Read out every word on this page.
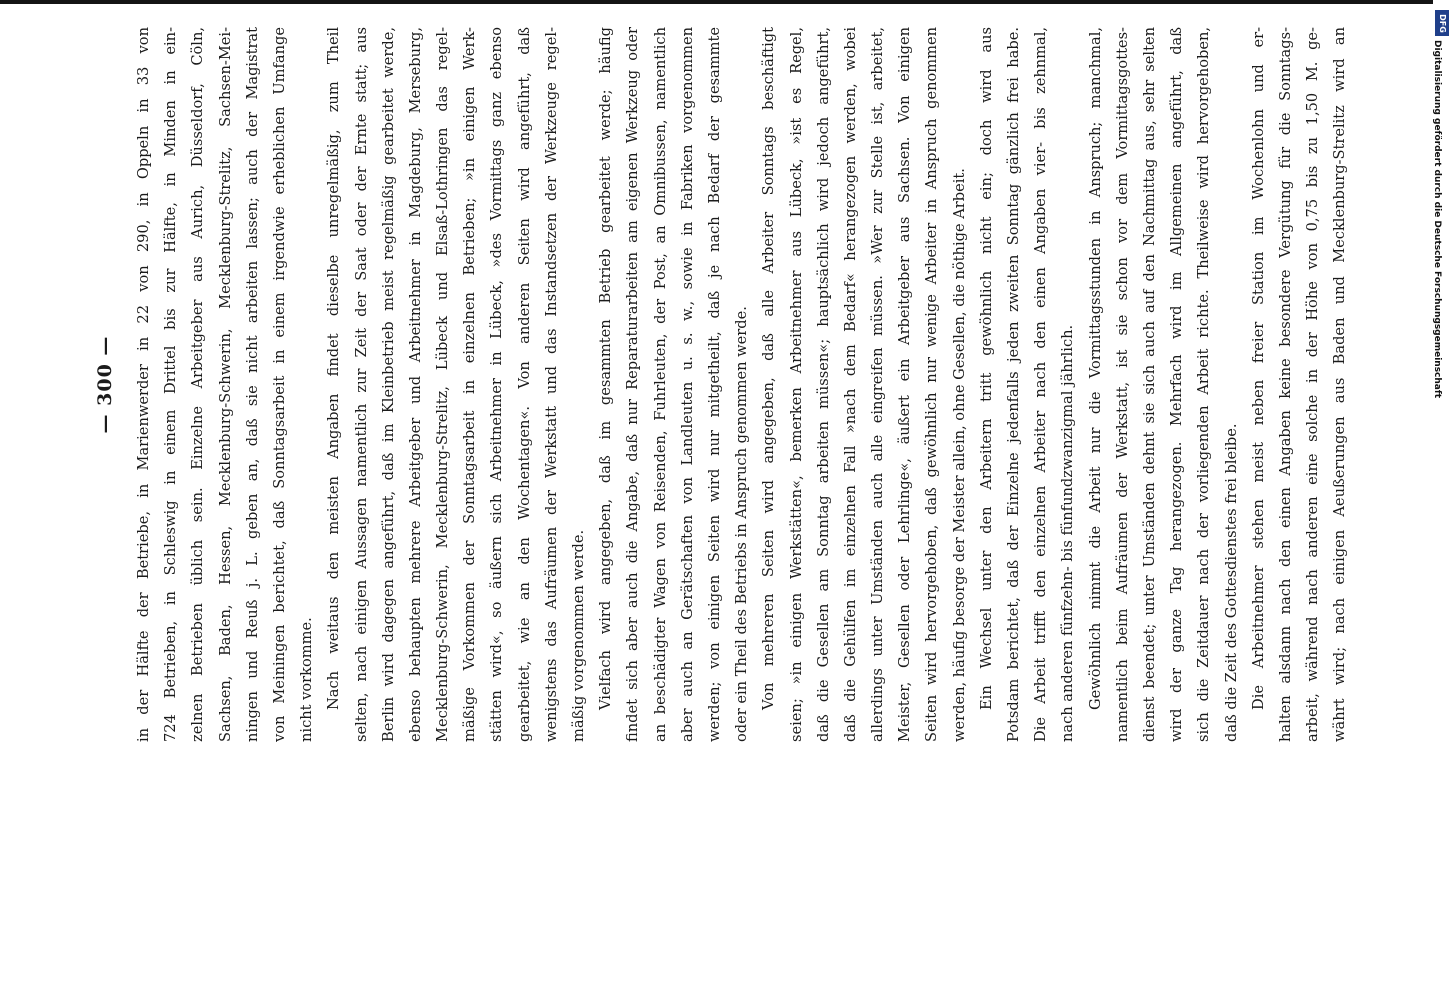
— 300 —	in der Hälfte der Betriebe, in Marienwerder in 22 von 290, in Oppeln in 33 von 724 Betrieben, in Schleswig in einem Drittel bis zur Hälfte, in Minden in ein- zelnen Betrieben üblich sein. Einzelne Arbeitgeber aus Aurich, Düsseldorf, Cöln, Sachsen, Baden, Hessen, Mecklenburg-Schwerin, Mecklenburg-Strelitz, Sachsen-Mei- ningen und Reuß j. L. geben an, daß sie nicht arbeiten lassen; auch der Magistrat von Meiningen berichtet, daß Sonntagsarbeit in einem irgendwie erheblichen Umfange nicht vorkomme. Nach weitaus den meisten Angaben findet dieselbe unregelmäßig, zum Theil selten, nach einigen Aussagen namentlich zur Zeit der Saat oder der Ernte statt; aus Berlin wird dagegen angeführt, daß im Kleinbetrieb meist regelmäßig gearbeitet werde, ebenso behaupten mehrere Arbeitgeber und Arbeitnehmer in Magdeburg, Merseburg, Mecklenburg-Schwerin, Mecklenburg-Strelitz, Lübeck und Elsaß-Lothringen das regel- mäßige Vorkommen der Sonntagsarbeit in einzelnen Betrieben; »in einigen Werk- stätten wird«, so äußern sich Arbeitnehmer in Lübeck, »des Vormittags ganz ebenso gearbeitet, wie an den Wochentagen«. Von anderen Seiten wird angeführt, daß wenigstens das Aufräumen der Werkstatt und das Instandsetzen der Werkzeuge regel- mäßig vorgenommen werde. Vielfach wird angegeben, daß im gesammten Betrieb gearbeitet werde; häufig findet sich aber auch die Angabe, daß nur Reparaturarbeiten am eigenen Werkzeug oder an beschädigter Wagen von Reisenden, Fuhrleuten, der Post, an Omnibussen, namentlich aber auch an Gerätschaften von Landleuten u. s. w., sowie in Fabriken vorgenommen werden; von einigen Seiten wird nur mitgetheilt, daß je nach Bedarf der gesammte oder ein Theil des Betriebs in Anspruch genommen werde. Von mehreren Seiten wird angegeben, daß alle Arbeiter Sonntags beschäftigt seien; »in einigen Werkstätten«, bemerken Arbeitnehmer aus Lübeck, »ist es Regel, daß die Gesellen am Sonntag arbeiten müssen«; hauptsächlich wird jedoch angeführt, daß die Gehülfen im einzelnen Fall »nach dem Bedarf« herangezogen werden, wobei allerdings unter Umständen auch alle eingreifen müssen. »Wer zur Stelle ist, arbeitet, Meister, Gesellen oder Lehrlinge«, äußert ein Arbeitgeber aus Sachsen. Von einigen Seiten wird hervorgehoben, daß gewöhnlich nur wenige Arbeiter in Anspruch genommen werden, häufig besorge der Meister allein, ohne Gesellen, die nöthige Arbeit. Ein Wechsel unter den Arbeitern tritt gewöhnlich nicht ein; doch wird aus Potsdam berichtet, daß der Einzelne jedenfalls jeden zweiten Sonntag gänzlich frei habe. Die Arbeit trifft den einzelnen Arbeiter nach den einen Angaben vier- bis zehnmal, nach anderen fünfzehn- bis fünfundzwanzigmal jährlich. Gewöhnlich nimmt die Arbeit nur die Vormittagsstunden in Anspruch; manchmal, namentlich beim Aufräumen der Werkstatt, ist sie schon vor dem Vormittagsgottes- dienst beendet; unter Umständen dehnt sie sich auch auf den Nachmittag aus, sehr selten wird der ganze Tag herangezogen. Mehrfach wird im Allgemeinen angeführt, daß sich die Zeitdauer nach der vorliegenden Arbeit richte. Theilweise wird hervorgehoben, daß die Zeit des Gottesdienstes frei bleibe. Die Arbeitnehmer stehen meist neben freier Station im Wochenlohn und er- halten alsdann nach den einen Angaben keine besondere Vergütung für die Sonntags- arbeit, während nach anderen eine solche in der Höhe von 0,75 bis zu 1,50 M. ge- währt wird; nach einigen Aeußerungen aus Baden und Mecklenburg-Strelitz wird an
DFG
Digitalisierung gefördert durch die Deutsche Forschungsgemeinschaft
